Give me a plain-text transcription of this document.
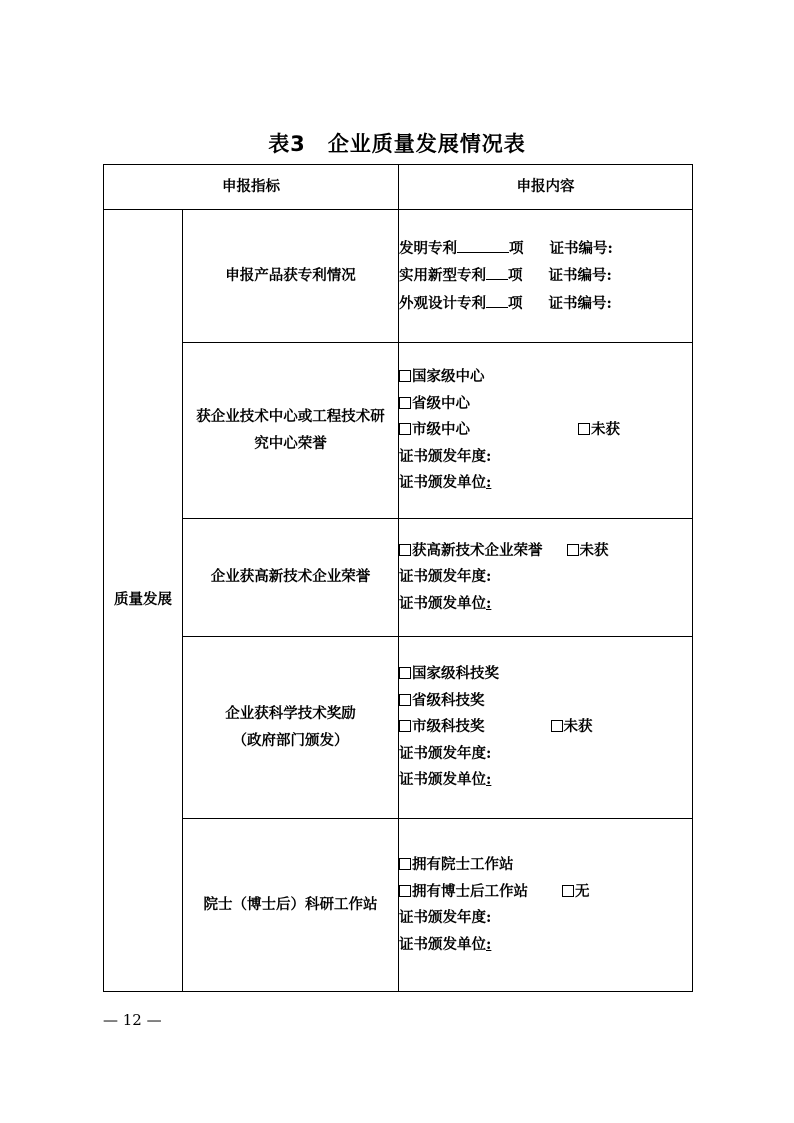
表3 企业质量发展情况表
申报指标		申报内容
质量发展	申报产品获专利情况	发明专利 项 证书编号:
实用新型专利 项 证书编号:
外观设计专利 项 证书编号:

	获企业技术中心或工程技术研
究中心荣誉	国家级中心
省级中心
市级中心 未获
证书颁发年度:
证书颁发单位:

	企业获高新技术企业荣誉	获高新技术企业荣誉 未获
证书颁发年度:
证书颁发单位:

	企业获科学技术奖励
（政府部门颁发）	国家级科技奖
省级科技奖
市级科技奖 未获
证书颁发年度:
证书颁发单位:

	院士（博士后）科研工作站	拥有院士工作站
拥有博士后工作站 无
证书颁发年度:
证书颁发单位:
— 12 —
